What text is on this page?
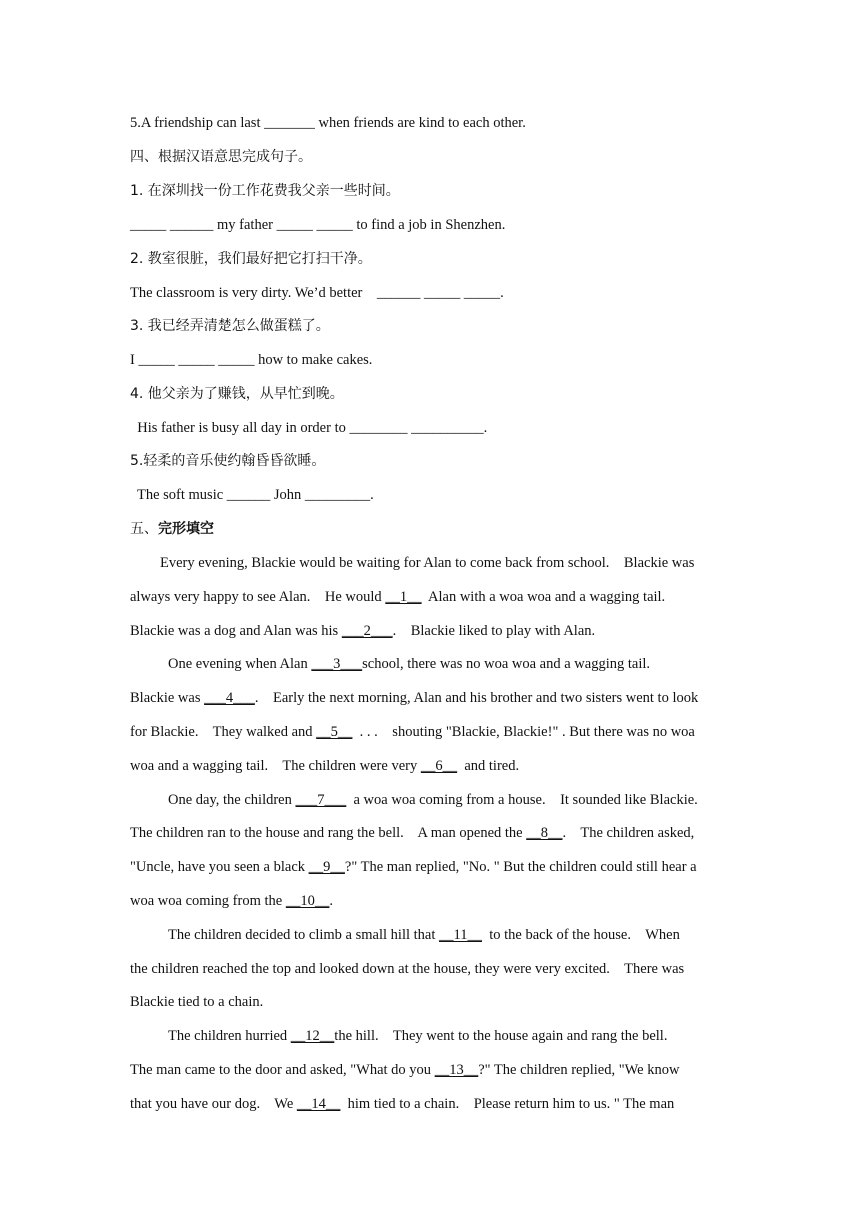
5.A friendship can last _______ when friends are kind to each other.
四、根据汉语意思完成句子。
1. 在深圳找一份工作花费我父亲一些时间。
_____ ______ my father _____ _____ to find a job in Shenzhen.
2. 教室很脏，我们最好把它打扫干净。
The classroom is very dirty. We’d better    ______ _____ _____.
3. 我已经弄清楚怎么做蛋糕了。
I _____ _____ _____ how to make cakes.
4. 他父亲为了赚钱，从早忙到晚。
His father is busy all day in order to ________ __________.
5.轻柔的音乐使约翰昏昏欲睡。
The soft music ______ John _________.
五、完形填空
Every evening, Blackie would be waiting for Alan to come back from school.    Blackie was
always very happy to see Alan.    He would __1__  Alan with a woa woa and a wagging tail.
Blackie was a dog and Alan was his ___2___.    Blackie liked to play with Alan.
One evening when Alan ___3___school, there was no woa woa and a wagging tail.
Blackie was ___4___.    Early the next morning, Alan and his brother and two sisters went to look
for Blackie.    They walked and __5__  . . .    shouting "Blackie, Blackie!" . But there was no woa
woa and a wagging tail.    The children were very __6__  and tired.
One day, the children ___7___  a woa woa coming from a house.    It sounded like Blackie.
The children ran to the house and rang the bell.    A man opened the __8__.    The children asked,
"Uncle, have you seen a black __9__?" The man replied, "No. " But the children could still hear a
woa woa coming from the __10__.
The children decided to climb a small hill that __11__  to the back of the house.    When
the children reached the top and looked down at the house, they were very excited.    There was
Blackie tied to a chain.
The children hurried __12__the hill.    They went to the house again and rang the bell.
The man came to the door and asked, "What do you __13__?" The children replied, "We know
that you have our dog.    We __14__  him tied to a chain.    Please return him to us. " The man
